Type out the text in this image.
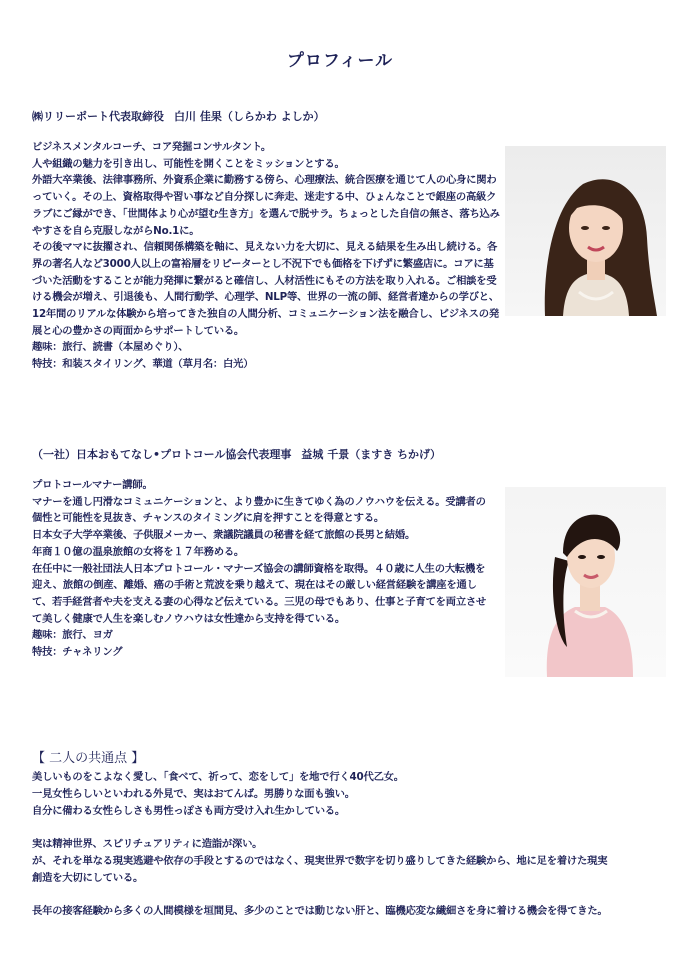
プロフィール
㈱リリーポート代表取締役 白川 佳果（しらかわ よしか）

ビジネスメンタルコーチ、コア発掘コンサルタント。

人や組織の魅力を引き出し、可能性を開くことをミッションとする。

外語大卒業後、法律事務所、外資系企業に勤務する傍ら、心理療法、統合医療を通じて人の心身に関わっていく。その上、資格取得や習い事など自分探しに奔走、迷走する中、ひょんなことで銀座の高級クラブにご縁ができ、「世間体より心が望む生き方」を選んで脱サラ。ちょっとした自信の無さ、落ち込みやすさを自ら克服しながらNo.1に。

その後ママに抜擢され、信頼関係構築を軸に、見えない力を大切に、見える結果を生み出し続ける。各界の著名人など3000人以上の富裕層をリピーターとし不況下でも価格を下げずに繁盛店に。コアに基づいた活動をすることが能力発揮に繋がると確信し、人材活性にもその方法を取り入れる。ご相談を受ける機会が増え、引退後も、人間行動学、心理学、NLP等、世界の一流の師、経営者達からの学びと、12年間のリアルな体験から培ってきた独自の人間分析、コミュニケーション法を融合し、ビジネスの発展と心の豊かさの両面からサポートしている。

趣味：旅行、読書（本屋めぐり）、

特技：和装スタイリング、華道（草月名：白光）

（一社）日本おもてなし•プロトコール協会代表理事 益城 千景（ますき ちかげ）

プロトコールマナー講師。

マナーを通し円滑なコミュニケーションと、より豊かに生きてゆく為のノウハウを伝える。受講者の個性と可能性を見抜き、チャンスのタイミングに肩を押すことを得意とする。

日本女子大学卒業後、子供服メーカー、衆議院議員の秘書を経て旅館の長男と結婚。

年商１０億の温泉旅館の女将を１７年務める。

在任中に一般社団法人日本プロトコール・マナーズ協会の講師資格を取得。４０歳に人生の大転機を迎え、旅館の倒産、離婚、癌の手術と荒波を乗り越えて、現在はその厳しい経営経験を講座を通して、若手経営者や夫を支える妻の心得など伝えている。三児の母でもあり、仕事と子育てを両立させて美しく健康で人生を楽しむノウハウは女性達から支持を得ている。

趣味：旅行、ヨガ

特技：チャネリング

【 二人の共通点 】

美しいものをこよなく愛し、「食べて、祈って、恋をして」を地で行く40代乙女。

一見女性らしいといわれる外見で、実はおてんば。男勝りな面も強い。

自分に備わる女性らしさも男性っぽさも両方受け入れ生かしている。

実は精神世界、スピリチュアリティに造詣が深い。

が、それを単なる現実逃避や依存の手段とするのではなく、現実世界で数字を切り盛りしてきた経験から、地に足を着けた現実創造を大切にしている。

長年の接客経験から多くの人間模様を垣間見、多少のことでは動じない肝と、臨機応変な繊細さを身に着ける機会を得てきた。
